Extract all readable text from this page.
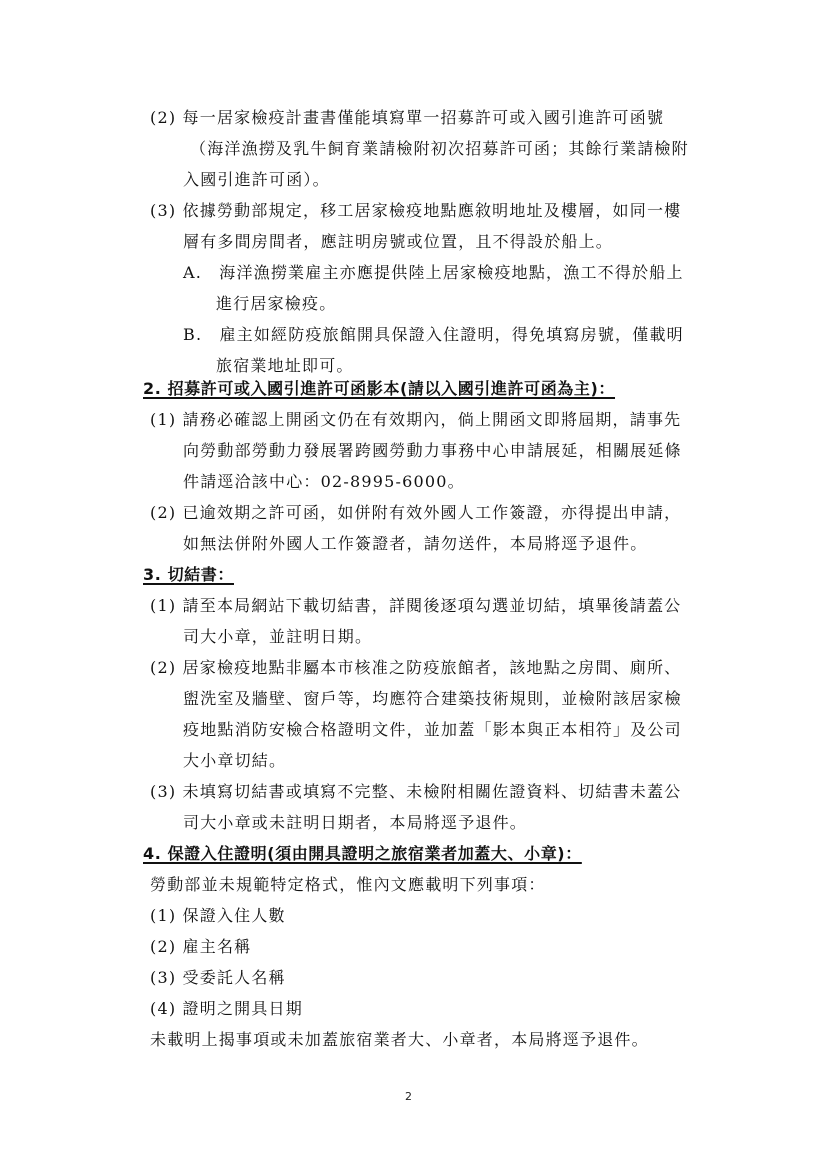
(2) 每一居家檢疫計畫書僅能填寫單一招募許可或入國引進許可函號
（海洋漁撈及乳牛飼育業請檢附初次招募許可函；其餘行業請檢附
入國引進許可函）。
(3) 依據勞動部規定，移工居家檢疫地點應敘明地址及樓層，如同一樓
層有多間房間者，應註明房號或位置，且不得設於船上。
A.　海洋漁撈業雇主亦應提供陸上居家檢疫地點，漁工不得於船上
進行居家檢疫。
B.　雇主如經防疫旅館開具保證入住證明，得免填寫房號，僅載明
旅宿業地址即可。
2. 招募許可或入國引進許可函影本(請以入國引進許可函為主)：
(1) 請務必確認上開函文仍在有效期內，倘上開函文即將屆期，請事先
向勞動部勞動力發展署跨國勞動力事務中心申請展延，相關展延條
件請逕洽該中心：02-8995-6000。
(2) 已逾效期之許可函，如併附有效外國人工作簽證，亦得提出申請，
如無法併附外國人工作簽證者，請勿送件，本局將逕予退件。
3. 切結書：
(1) 請至本局網站下載切結書，詳閱後逐項勾選並切結，填畢後請蓋公
司大小章，並註明日期。
(2) 居家檢疫地點非屬本市核准之防疫旅館者，該地點之房間、廁所、
盥洗室及牆壁、窗戶等，均應符合建築技術規則，並檢附該居家檢
疫地點消防安檢合格證明文件，並加蓋「影本與正本相符」及公司
大小章切結。
(3) 未填寫切結書或填寫不完整、未檢附相關佐證資料、切結書未蓋公
司大小章或未註明日期者，本局將逕予退件。
4. 保證入住證明(須由開具證明之旅宿業者加蓋大、小章)：
勞動部並未規範特定格式，惟內文應載明下列事項：
(1) 保證入住人數
(2) 雇主名稱
(3) 受委託人名稱
(4) 證明之開具日期
未載明上揭事項或未加蓋旅宿業者大、小章者，本局將逕予退件。
2
